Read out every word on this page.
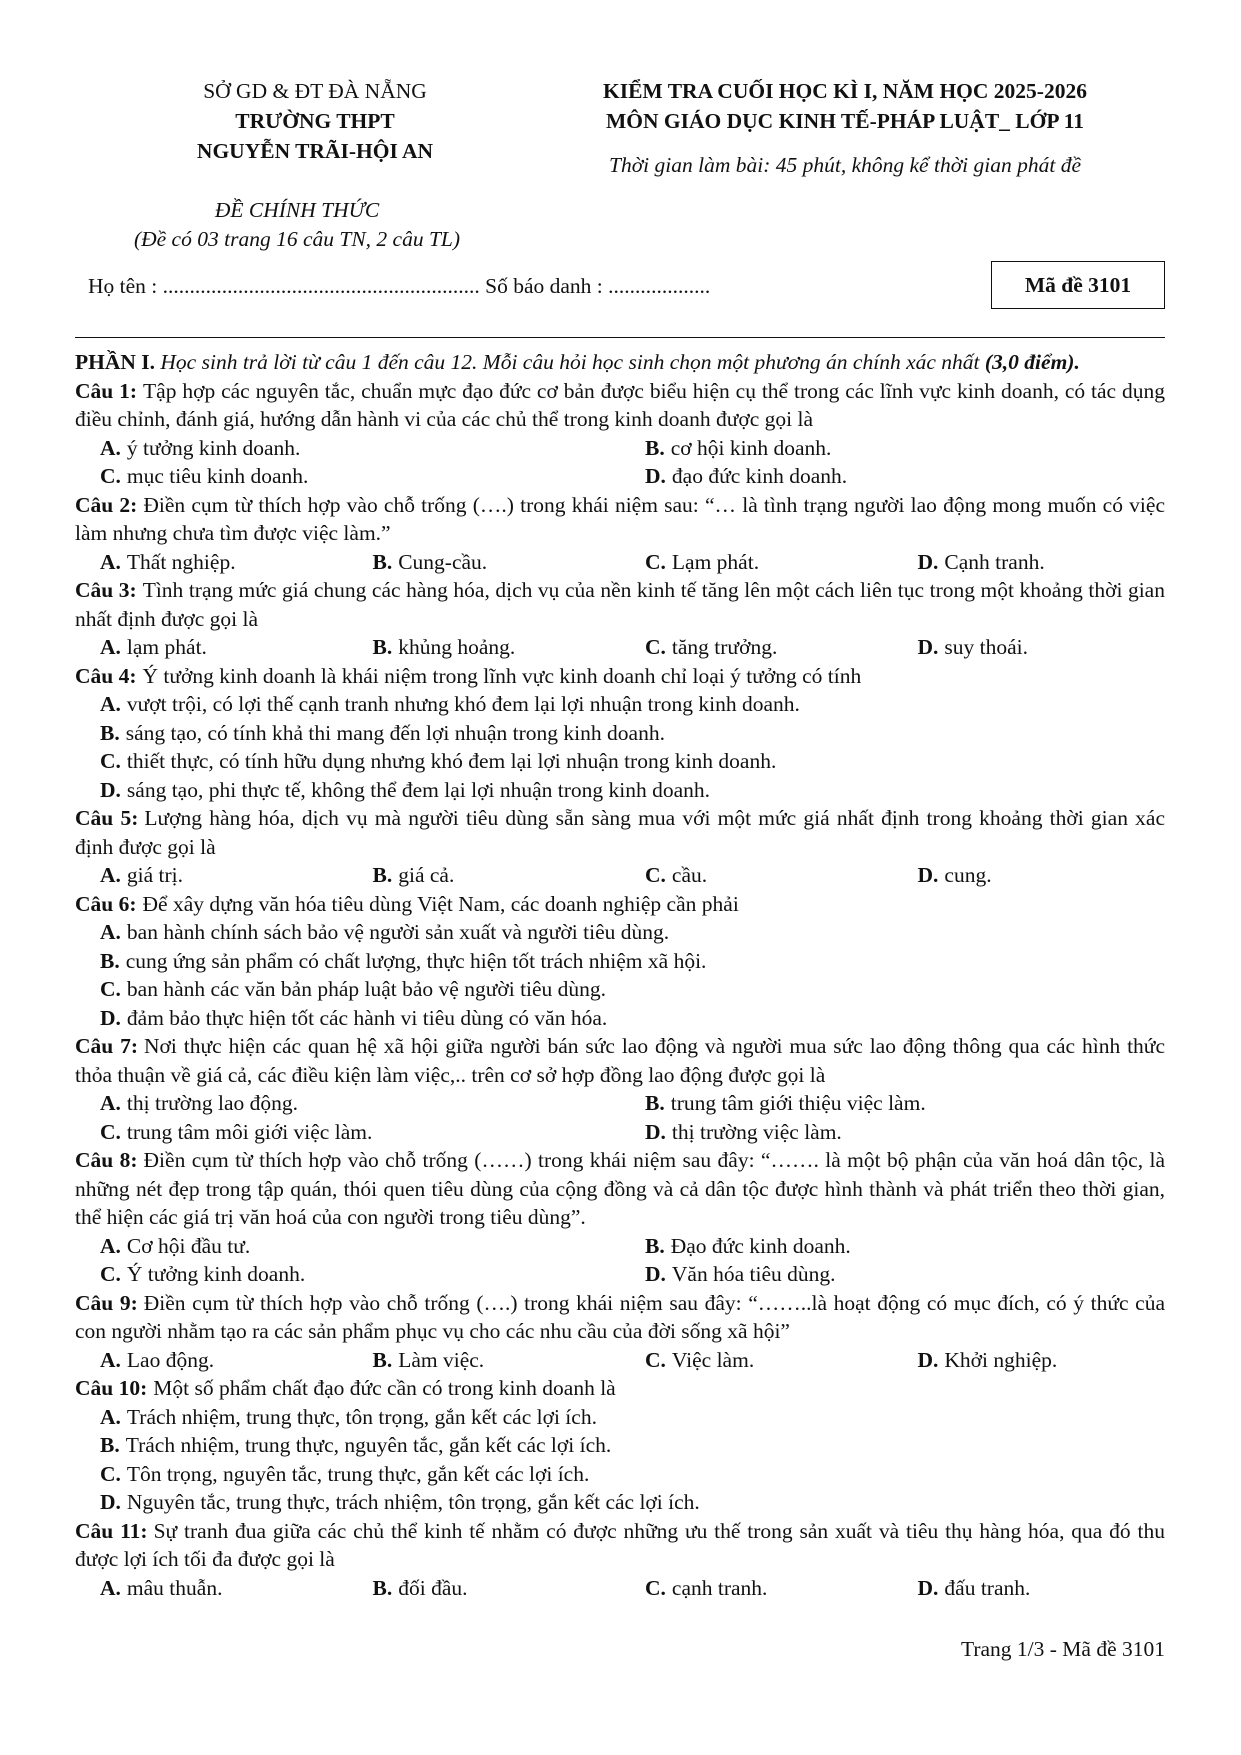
SỞ GD & ĐT ĐÀ NẴNG
TRƯỜNG THPT
NGUYỄN TRÃI-HỘI AN
KIỂM TRA CUỐI HỌC KÌ I, NĂM HỌC 2025-2026
MÔN GIÁO DỤC KINH TẾ-PHÁP LUẬT_ LỚP 11
Thời gian làm bài: 45 phút, không kể thời gian phát đề
ĐỀ CHÍNH THỨC
(Đề có 03 trang 16 câu TN, 2 câu TL)
Họ tên : ........................................................... Số báo danh : ...................	Mã đề 3101
PHẦN I. Học sinh trả lời từ câu 1 đến câu 12. Mỗi câu hỏi học sinh chọn một phương án chính xác nhất (3,0 điểm).
Câu 1: Tập hợp các nguyên tắc, chuẩn mực đạo đức cơ bản được biểu hiện cụ thể trong các lĩnh vực kinh doanh, có tác dụng điều chỉnh, đánh giá, hướng dẫn hành vi của các chủ thể trong kinh doanh được gọi là
A. ý tưởng kinh doanh.	B. cơ hội kinh doanh.
C. mục tiêu kinh doanh.	D. đạo đức kinh doanh.
Câu 2: Điền cụm từ thích hợp vào chỗ trống (….) trong khái niệm sau: “… là tình trạng người lao động mong muốn có việc làm nhưng chưa tìm được việc làm.”
A. Thất nghiệp.	B. Cung-cầu.	C. Lạm phát.	D. Cạnh tranh.
Câu 3: Tình trạng mức giá chung các hàng hóa, dịch vụ của nền kinh tế tăng lên một cách liên tục trong một khoảng thời gian nhất định được gọi là
A. lạm phát.	B. khủng hoảng.	C. tăng trưởng.	D. suy thoái.
Câu 4: Ý tưởng kinh doanh là khái niệm trong lĩnh vực kinh doanh chỉ loại ý tưởng có tính
A. vượt trội, có lợi thế cạnh tranh nhưng khó đem lại lợi nhuận trong kinh doanh.
B. sáng tạo, có tính khả thi mang đến lợi nhuận trong kinh doanh.
C. thiết thực, có tính hữu dụng nhưng khó đem lại lợi nhuận trong kinh doanh.
D. sáng tạo, phi thực tế, không thể đem lại lợi nhuận trong kinh doanh.
Câu 5: Lượng hàng hóa, dịch vụ mà người tiêu dùng sẵn sàng mua với một mức giá nhất định trong khoảng thời gian xác định được gọi là
A. giá trị.	B. giá cả.	C. cầu.	D. cung.
Câu 6: Để xây dựng văn hóa tiêu dùng Việt Nam, các doanh nghiệp cần phải
A. ban hành chính sách bảo vệ người sản xuất và người tiêu dùng.
B. cung ứng sản phẩm có chất lượng, thực hiện tốt trách nhiệm xã hội.
C. ban hành các văn bản pháp luật bảo vệ người tiêu dùng.
D. đảm bảo thực hiện tốt các hành vi tiêu dùng có văn hóa.
Câu 7: Nơi thực hiện các quan hệ xã hội giữa người bán sức lao động và người mua sức lao động thông qua các hình thức thỏa thuận về giá cả, các điều kiện làm việc,.. trên cơ sở hợp đồng lao động được gọi là
A. thị trường lao động.	B. trung tâm giới thiệu việc làm.
C. trung tâm môi giới việc làm.	D. thị trường việc làm.
Câu 8: Điền cụm từ thích hợp vào chỗ trống (……) trong khái niệm sau đây: “……. là một bộ phận của văn hoá dân tộc, là những nét đẹp trong tập quán, thói quen tiêu dùng của cộng đồng và cả dân tộc được hình thành và phát triển theo thời gian, thể hiện các giá trị văn hoá của con người trong tiêu dùng”.
A. Cơ hội đầu tư.	B. Đạo đức kinh doanh.
C. Ý tưởng kinh doanh.	D. Văn hóa tiêu dùng.
Câu 9: Điền cụm từ thích hợp vào chỗ trống (….) trong khái niệm sau đây: “……..là hoạt động có mục đích, có ý thức của con người nhằm tạo ra các sản phẩm phục vụ cho các nhu cầu của đời sống xã hội”
A. Lao động.	B. Làm việc.	C. Việc làm.	D. Khởi nghiệp.
Câu 10: Một số phẩm chất đạo đức cần có trong kinh doanh là
A. Trách nhiệm, trung thực, tôn trọng, gắn kết các lợi ích.
B. Trách nhiệm, trung thực, nguyên tắc, gắn kết các lợi ích.
C. Tôn trọng, nguyên tắc, trung thực, gắn kết các lợi ích.
D. Nguyên tắc, trung thực, trách nhiệm, tôn trọng, gắn kết các lợi ích.
Câu 11: Sự tranh đua giữa các chủ thể kinh tế nhằm có được những ưu thế trong sản xuất và tiêu thụ hàng hóa, qua đó thu được lợi ích tối đa được gọi là
A. mâu thuẫn.	B. đối đầu.	C. cạnh tranh.	D. đấu tranh.
Trang 1/3 - Mã đề 3101
